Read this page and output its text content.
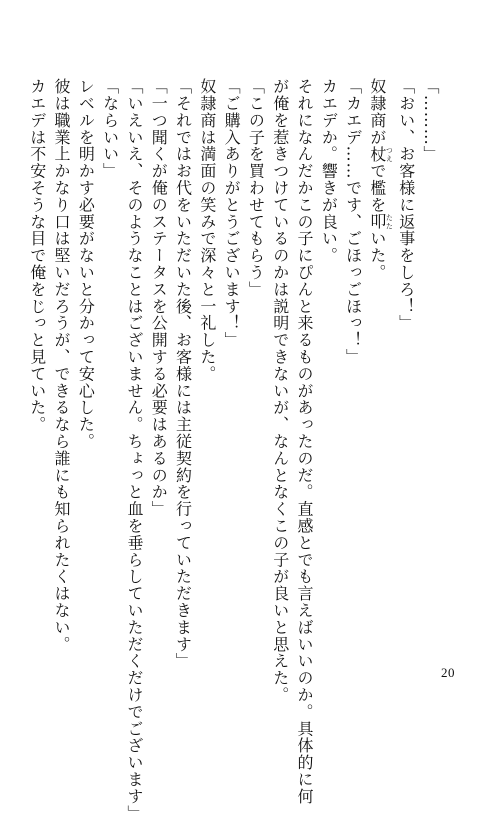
「………」
「おい、お客様に返事をしろ！」
奴隷商が杖つえで檻を叩たたいた。
「カエデ……です、ごほっごほっ！」
カエデか。響きが良い。
それになんだかこの子にぴんと来るものがあったのだ。直感とでも言えばいいのか。具体的に何
が俺を惹きつけているのかは説明できないが、なんとなくこの子が良いと思えた。
「この子を買わせてもらう」
「ご購入ありがとうございます！」
奴隷商は満面の笑みで深々と一礼した。
「それではお代をいただいた後、お客様には主従契約を行っていただきます」
「一つ聞くが俺のステータスを公開する必要はあるのか」
「いえいえ、そのようなことはございません。ちょっと血を垂らしていただくだけでございます」
「ならいい」
レベルを明かす必要がないと分かって安心した。
彼は職業上かなり口は堅いだろうが、できるなら誰にも知られたくはない。
カエデは不安そうな目で俺をじっと見ていた。
20
